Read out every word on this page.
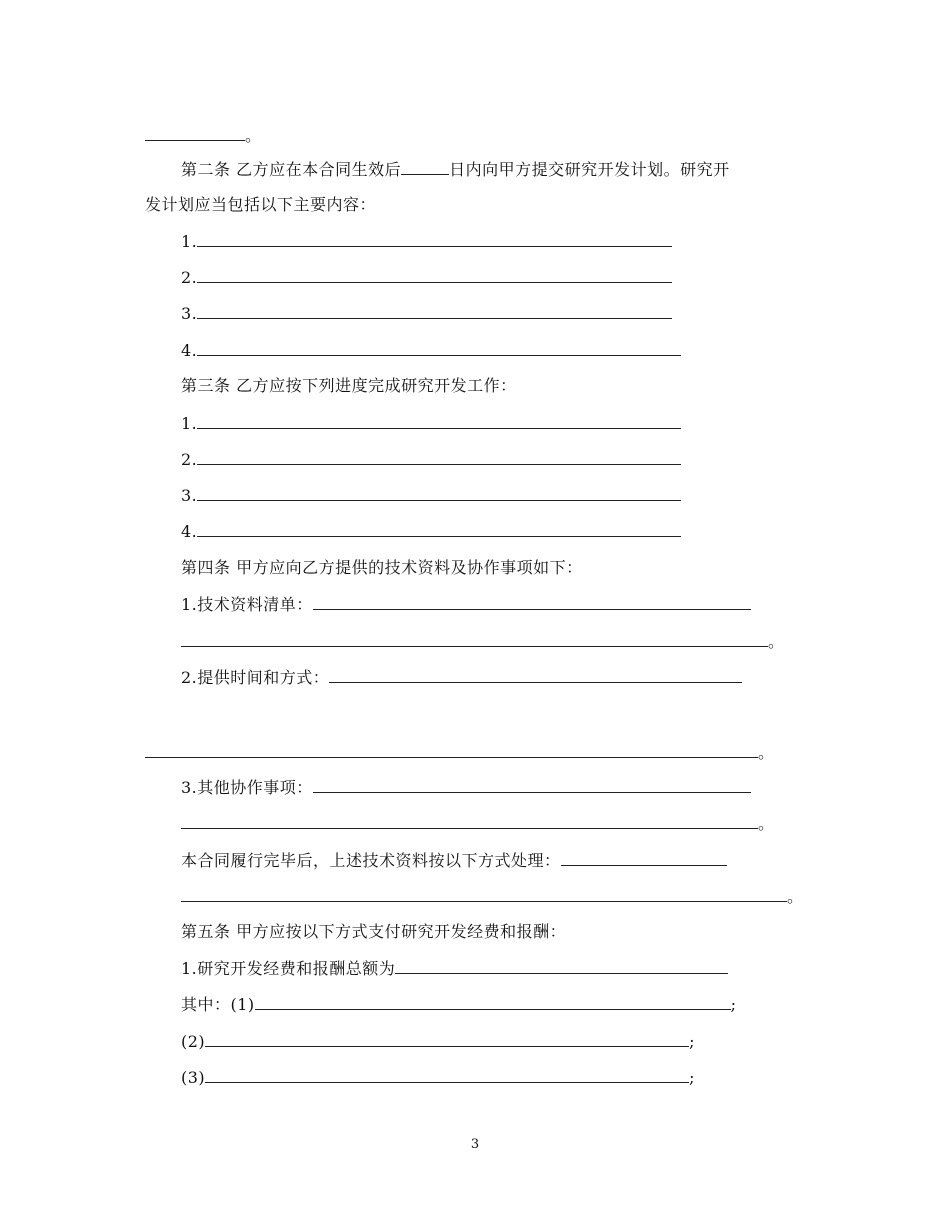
。
第二条 乙方应在本合同生效后	日内向甲方提交研究开发计划。研究开
发计划应当包括以下主要内容：
1.
2.
3.
4.
第三条 乙方应按下列进度完成研究开发工作：
1.
2.
3.
4.
第四条 甲方应向乙方提供的技术资料及协作事项如下：
1.技术资料清单：
。
2.提供时间和方式：
。
3.其他协作事项：
。
本合同履行完毕后，上述技术资料按以下方式处理：
。
第五条 甲方应按以下方式支付研究开发经费和报酬：
1.研究开发经费和报酬总额为
其中：(1)	;
(2)	;
(3)	;
3
